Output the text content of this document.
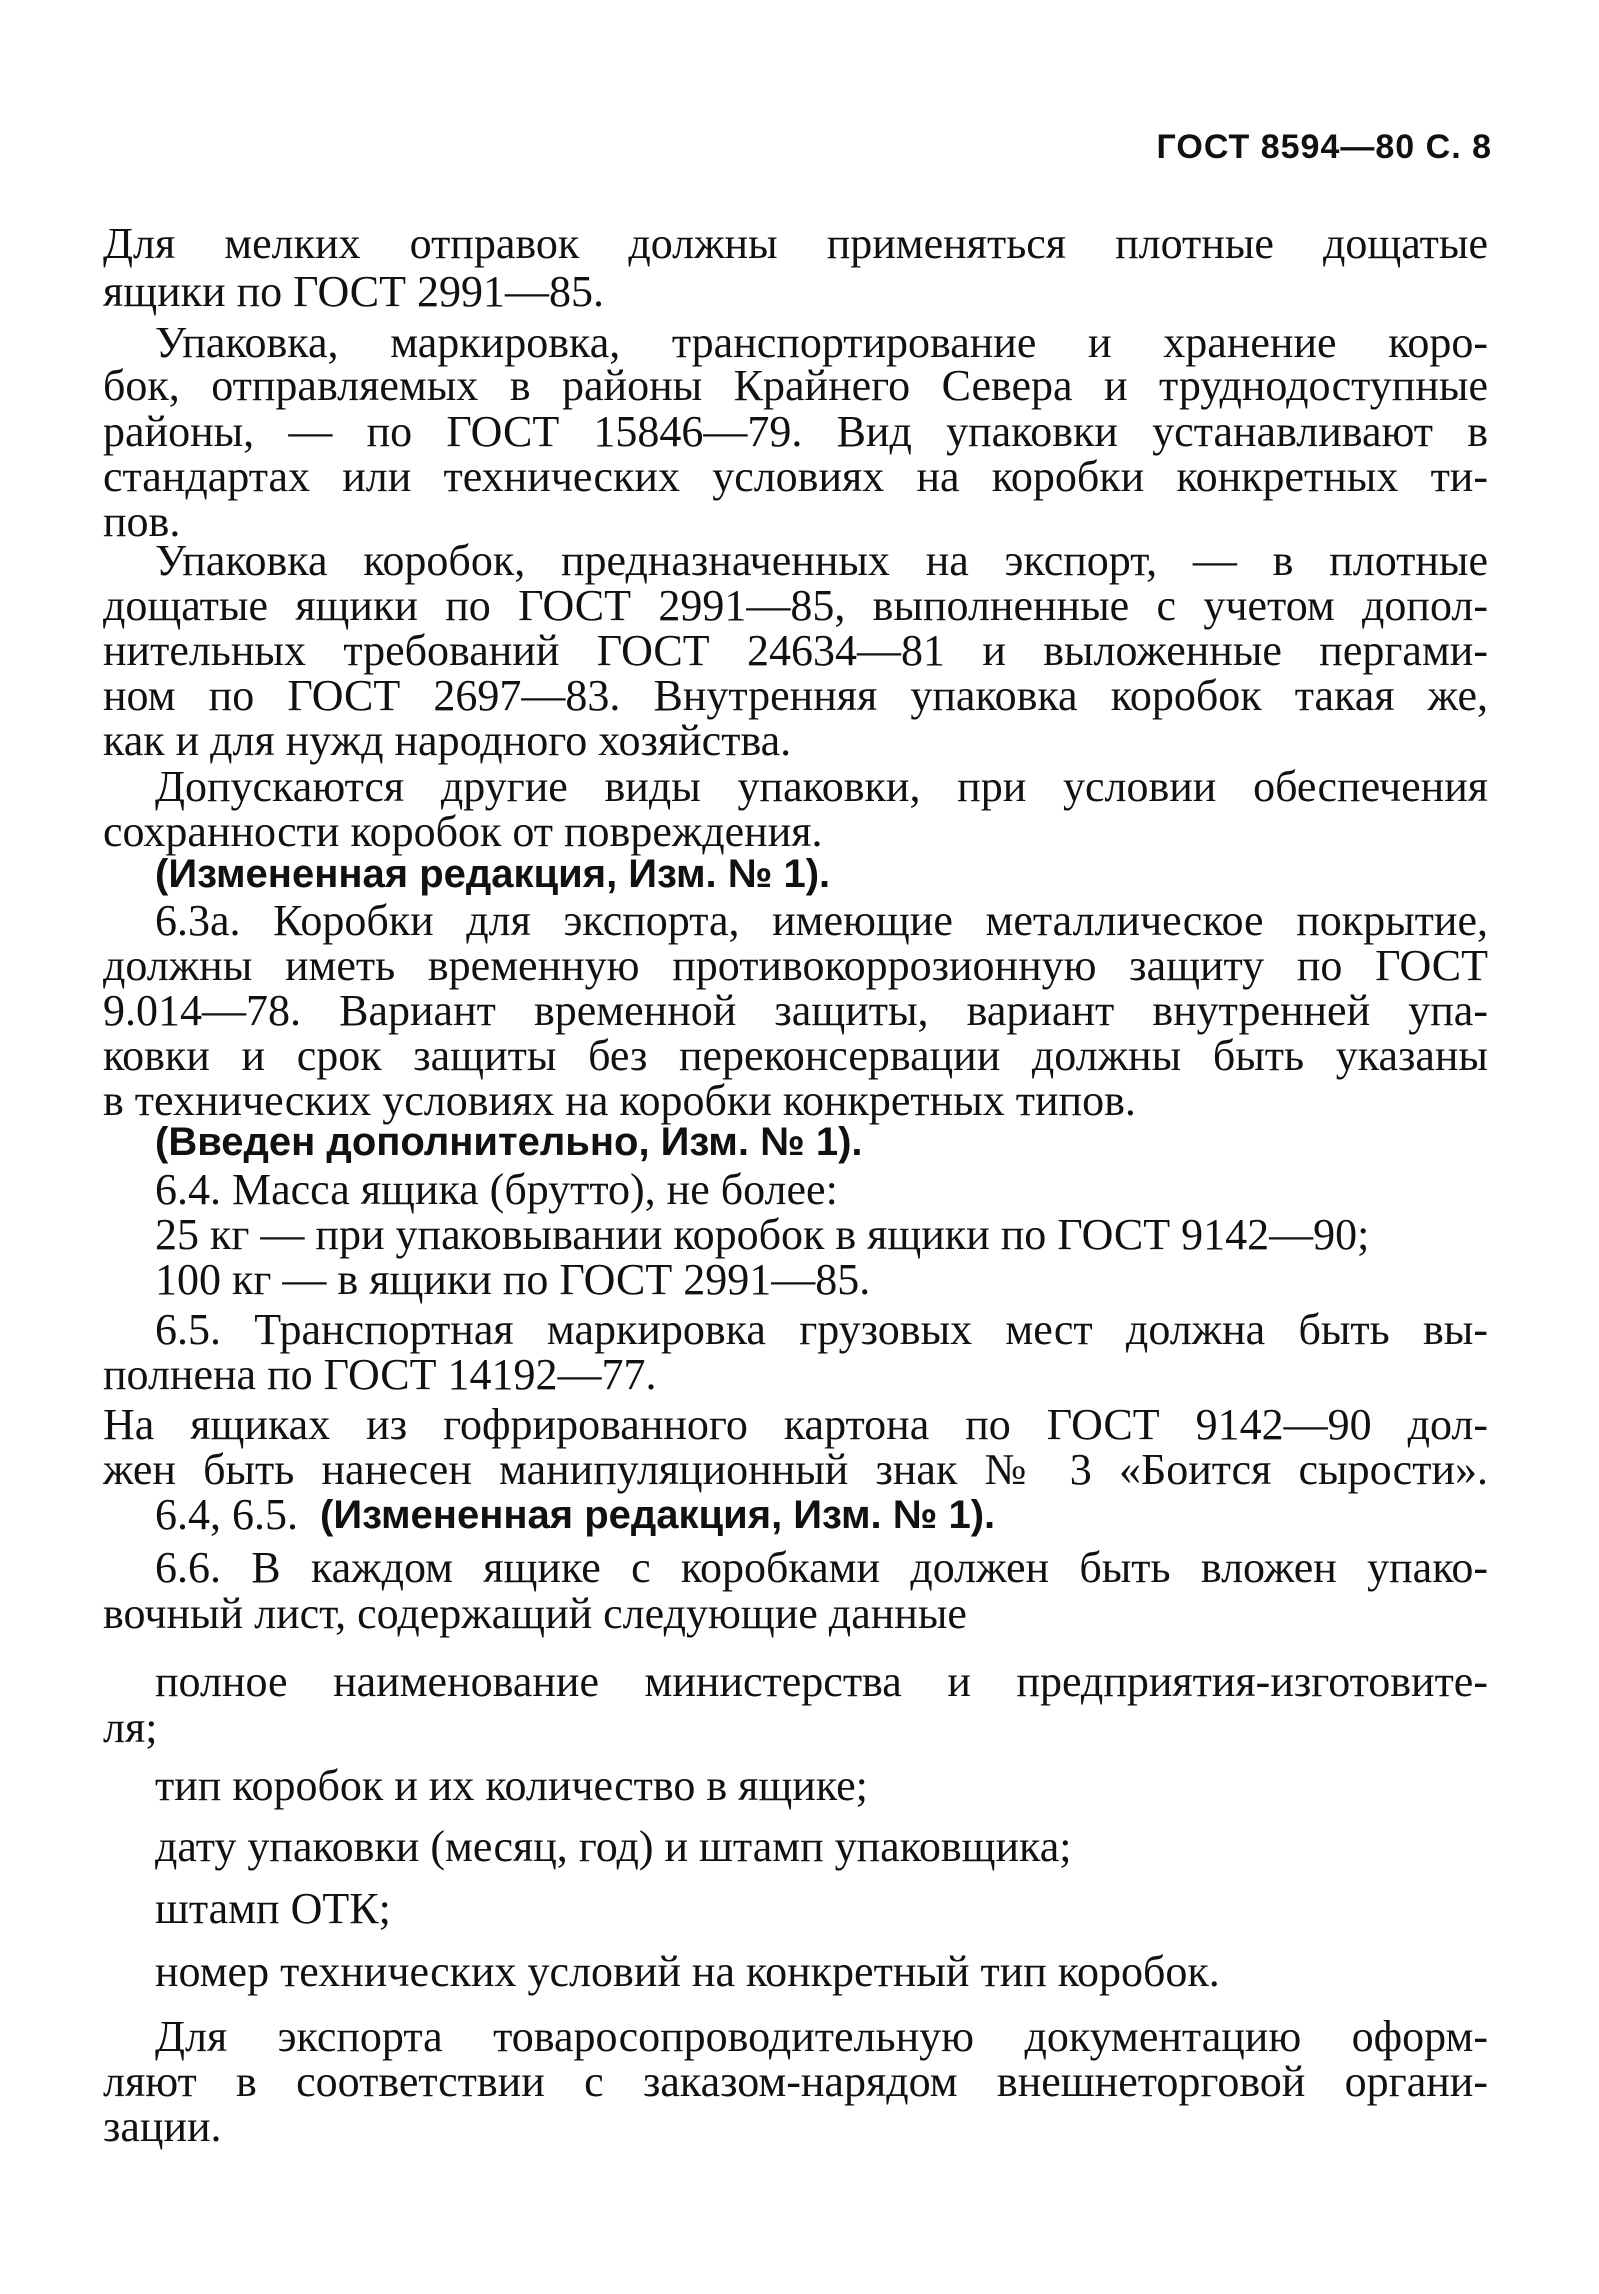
ГОСТ 8594—80 С. 8
Для мелких отправок должны применяться плотные дощатые
ящики по ГОСТ 2991—85.
Упаковка, маркировка, транспортирование и хранение коро-
бок, отправляемых в районы Крайнего Севера и труднодоступные
районы, — по ГОСТ 15846—79. Вид упаковки устанавливают в
стандартах или технических условиях на коробки конкретных ти-
пов.
Упаковка коробок, предназначенных на экспорт, — в плотные
дощатые ящики по ГОСТ 2991—85, выполненные с учетом допол-
нительных требований ГОСТ 24634—81 и выложенные пергами-
ном по ГОСТ 2697—83. Внутренняя упаковка коробок такая же,
как и для нужд народного хозяйства.
Допускаются другие виды упаковки, при условии обеспечения
сохранности коробок от повреждения.
(Измененная редакция, Изм. № 1).
6.3а. Коробки для экспорта, имеющие металлическое покрытие,
должны иметь временную противокоррозионную защиту по ГОСТ
9.014—78. Вариант временной защиты, вариант внутренней упа-
ковки и срок защиты без переконсервации должны быть указаны
в технических условиях на коробки конкретных типов.
(Введен дополнительно, Изм. № 1).
6.4. Масса ящика (брутто), не более:
25 кг — при упаковывании коробок в ящики по ГОСТ 9142—90;
100 кг — в ящики по ГОСТ 2991—85.
6.5. Транспортная маркировка грузовых мест должна быть вы-
полнена по ГОСТ 14192—77.
На ящиках из гофрированного картона по ГОСТ 9142—90 дол-
жен быть нанесен манипуляционный знак № 3 «Боится сырости».
6.4, 6.5. (Измененная редакция, Изм. № 1).
6.6. В каждом ящике с коробками должен быть вложен упако-
вочный лист, содержащий следующие данные
полное наименование министерства и предприятия-изготовите-
ля;
тип коробок и их количество в ящике;
дату упаковки (месяц, год) и штамп упаковщика;
штамп ОТК;
номер технических условий на конкретный тип коробок.
Для экспорта товаросопроводительную документацию оформ-
ляют в соответствии с заказом-нарядом внешнеторговой органи-
зации.
